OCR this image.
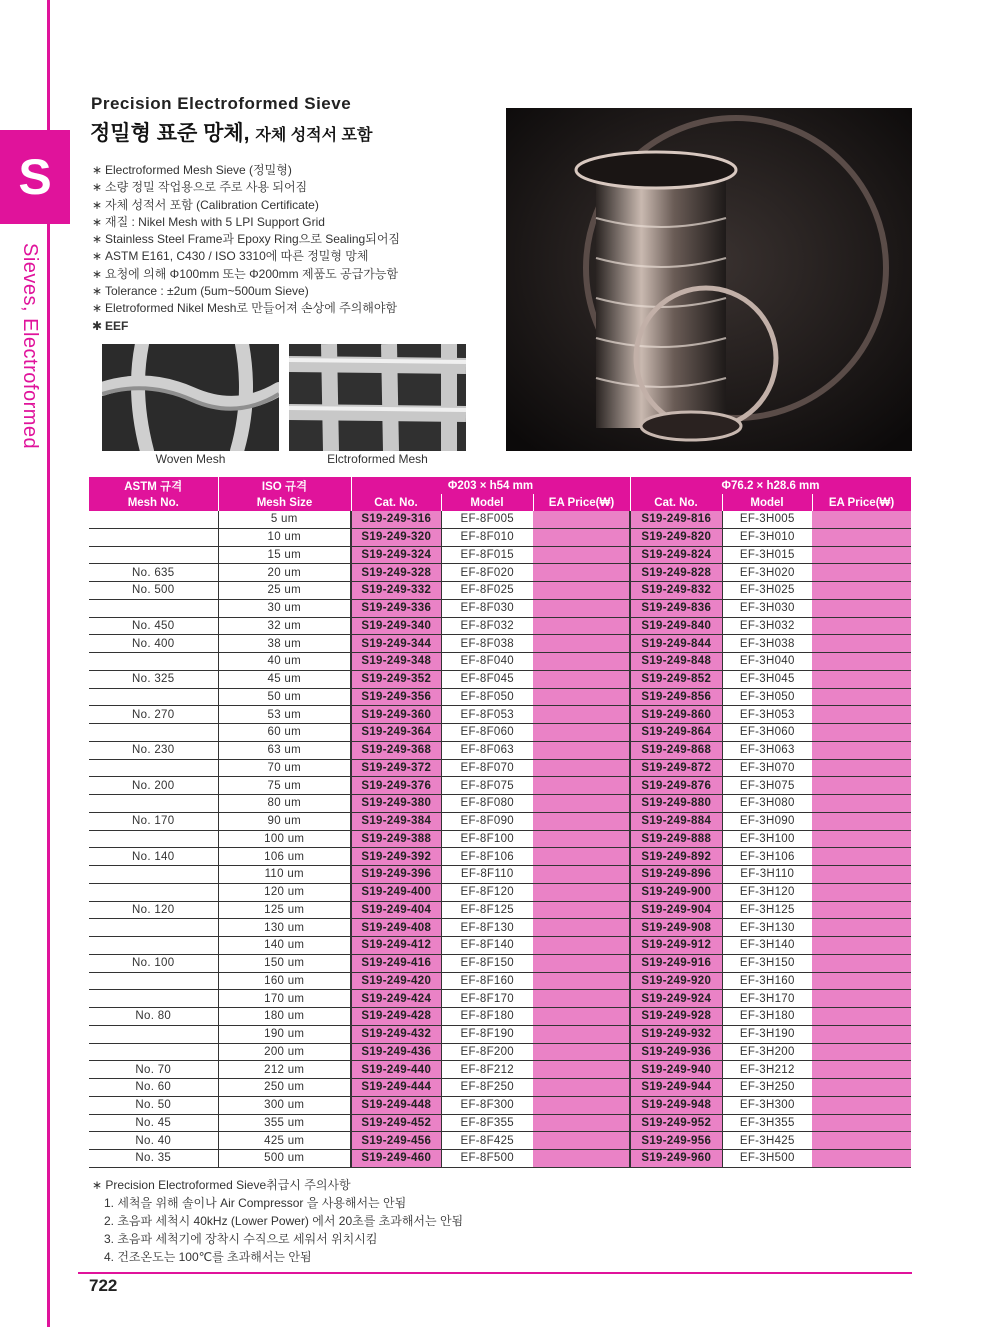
S
Sieves, Electroformed
Precision Electroformed Sieve
정밀형 표준 망체, 자체 성적서 포함
∗ Electroformed Mesh Sieve (정밀형)
∗ 소량 정밀 작업용으로 주로 사용 되어짐
∗ 자체 성적서 포함 (Calibration Certificate)
∗ 재질 : Nikel Mesh with 5 LPI Support Grid
∗ Stainless Steel Frame과 Epoxy Ring으로 Sealing되어짐
∗ ASTM E161, C430 / ISO 3310에 따른 정밀형 망체
∗ 요청에 의해 Φ100mm 또는 Φ200mm 제품도 공급가능함
∗ Tolerance : ±2um (5um~500um Sieve)
∗ Eletroformed Nikel Mesh로 만들어져 손상에 주의해야함
✱ EEF
Woven Mesh	Elctroformed Mesh
ASTM 규격	ISO 규격	Φ203 × h54 mm			Φ76.2 × h28.6 mm		
Mesh No.	Mesh Size	Cat. No.	Model	EA Price(₩)	Cat. No.	Model	EA Price(₩)
	5 um	S19-249-316	EF-8F005		S19-249-816	EF-3H005	
	10 um	S19-249-320	EF-8F010		S19-249-820	EF-3H010	
	15 um	S19-249-324	EF-8F015		S19-249-824	EF-3H015	
No. 635	20 um	S19-249-328	EF-8F020		S19-249-828	EF-3H020	
No. 500	25 um	S19-249-332	EF-8F025		S19-249-832	EF-3H025	
	30 um	S19-249-336	EF-8F030		S19-249-836	EF-3H030	
No. 450	32 um	S19-249-340	EF-8F032		S19-249-840	EF-3H032	
No. 400	38 um	S19-249-344	EF-8F038		S19-249-844	EF-3H038	
	40 um	S19-249-348	EF-8F040		S19-249-848	EF-3H040	
No. 325	45 um	S19-249-352	EF-8F045		S19-249-852	EF-3H045	
	50 um	S19-249-356	EF-8F050		S19-249-856	EF-3H050	
No. 270	53 um	S19-249-360	EF-8F053		S19-249-860	EF-3H053	
	60 um	S19-249-364	EF-8F060		S19-249-864	EF-3H060	
No. 230	63 um	S19-249-368	EF-8F063		S19-249-868	EF-3H063	
	70 um	S19-249-372	EF-8F070		S19-249-872	EF-3H070	
No. 200	75 um	S19-249-376	EF-8F075		S19-249-876	EF-3H075	
	80 um	S19-249-380	EF-8F080		S19-249-880	EF-3H080	
No. 170	90 um	S19-249-384	EF-8F090		S19-249-884	EF-3H090	
	100 um	S19-249-388	EF-8F100		S19-249-888	EF-3H100	
No. 140	106 um	S19-249-392	EF-8F106		S19-249-892	EF-3H106	
	110 um	S19-249-396	EF-8F110		S19-249-896	EF-3H110	
	120 um	S19-249-400	EF-8F120		S19-249-900	EF-3H120	
No. 120	125 um	S19-249-404	EF-8F125		S19-249-904	EF-3H125	
	130 um	S19-249-408	EF-8F130		S19-249-908	EF-3H130	
	140 um	S19-249-412	EF-8F140		S19-249-912	EF-3H140	
No. 100	150 um	S19-249-416	EF-8F150		S19-249-916	EF-3H150	
	160 um	S19-249-420	EF-8F160		S19-249-920	EF-3H160	
	170 um	S19-249-424	EF-8F170		S19-249-924	EF-3H170	
No. 80	180 um	S19-249-428	EF-8F180		S19-249-928	EF-3H180	
	190 um	S19-249-432	EF-8F190		S19-249-932	EF-3H190	
	200 um	S19-249-436	EF-8F200		S19-249-936	EF-3H200	
No. 70	212 um	S19-249-440	EF-8F212		S19-249-940	EF-3H212	
No. 60	250 um	S19-249-444	EF-8F250		S19-249-944	EF-3H250	
No. 50	300 um	S19-249-448	EF-8F300		S19-249-948	EF-3H300	
No. 45	355 um	S19-249-452	EF-8F355		S19-249-952	EF-3H355	
No. 40	425 um	S19-249-456	EF-8F425		S19-249-956	EF-3H425	
No. 35	500 um	S19-249-460	EF-8F500		S19-249-960	EF-3H500	
∗ Precision Electroformed Sieve취급시 주의사항
1. 세척을 위해 솔이나 Air Compressor 을 사용해서는 안됨
2. 초음파 세척시 40kHz (Lower Power) 에서 20초를 초과해서는 안됨
3. 초음파 세척기에 장착시 수직으로 세워서 위치시킴
4. 건조온도는 100℃를 초과해서는 안됨
722
